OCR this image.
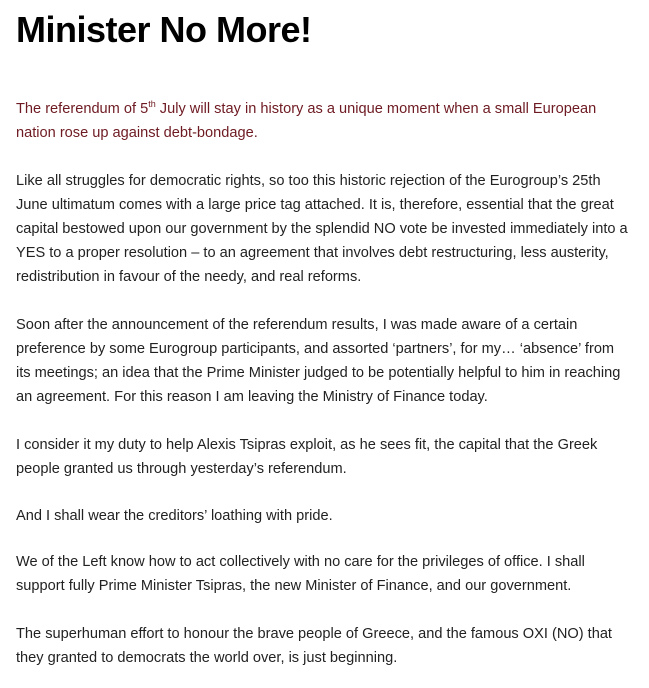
Minister No More!

The referendum of 5th July will stay in history as a unique moment when a small European nation rose up against debt-bondage.

Like all struggles for democratic rights, so too this historic rejection of the Eurogroup’s 25th June ultimatum comes with a large price tag attached. It is, therefore, essential that the great capital bestowed upon our government by the splendid NO vote be invested immediately into a YES to a proper resolution – to an agreement that involves debt restructuring, less austerity, redistribution in favour of the needy, and real reforms.

Soon after the announcement of the referendum results, I was made aware of a certain preference by some Eurogroup participants, and assorted ‘partners’, for my… ‘absence’ from its meetings; an idea that the Prime Minister judged to be potentially helpful to him in reaching an agreement. For this reason I am leaving the Ministry of Finance today.

I consider it my duty to help Alexis Tsipras exploit, as he sees fit, the capital that the Greek people granted us through yesterday’s referendum.

And I shall wear the creditors’ loathing with pride.

We of the Left know how to act collectively with no care for the privileges of office. I shall support fully Prime Minister Tsipras, the new Minister of Finance, and our government.

The superhuman effort to honour the brave people of Greece, and the famous OXI (NO) that they granted to democrats the world over, is just beginning.
